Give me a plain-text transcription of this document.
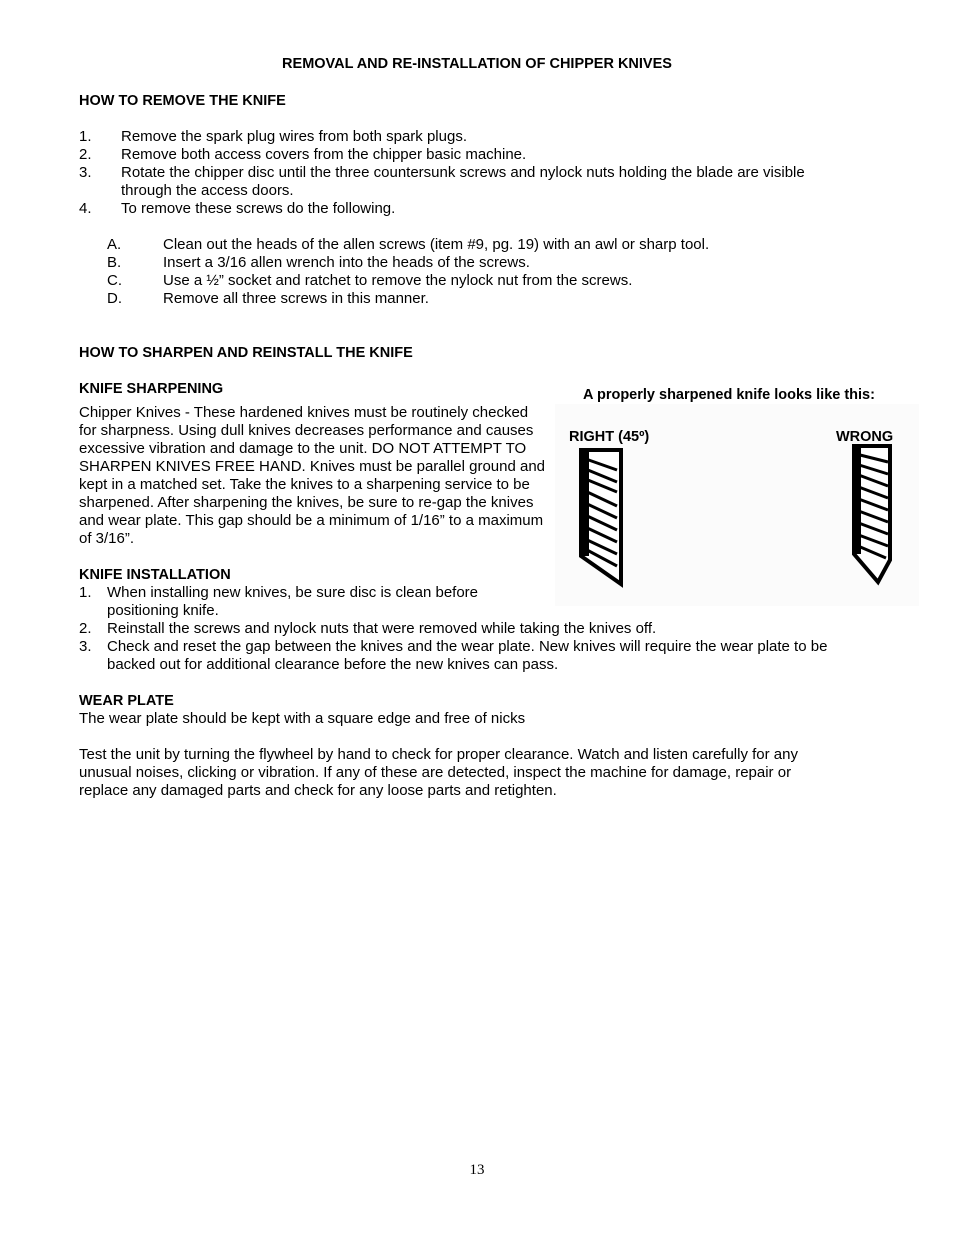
REMOVAL AND RE-INSTALLATION OF CHIPPER KNIVES
HOW TO REMOVE THE KNIFE
1.	Remove the spark plug wires from both spark plugs.
2.	Remove both access covers from the chipper basic machine.
3.	Rotate the chipper disc until the three countersunk screws and nylock nuts holding the blade are visible
through the access doors.
4.	To remove these screws do the following.
A.	Clean out the heads of the allen screws (item #9, pg. 19) with an awl or sharp tool.
B.	Insert a 3/16 allen wrench into the heads of the screws.
C.	Use a ½” socket and ratchet to remove the nylock nut from the screws.
D.	Remove all three screws in this manner.
HOW TO SHARPEN AND REINSTALL THE KNIFE
KNIFE SHARPENING
Chipper Knives - These hardened knives must be routinely checked for sharpness. Using dull knives decreases performance and causes excessive vibration and damage to the unit. DO NOT ATTEMPT TO SHARPEN KNIVES FREE HAND. Knives must be parallel ground and kept in a matched set. Take the knives to a sharpening service to be sharpened. After sharpening the knives, be sure to re-gap the knives and wear plate. This gap should be a minimum of 1/16” to a maximum of 3/16”.
A properly sharpened knife looks like this:
RIGHT (45º)	WRONG
KNIFE INSTALLATION
1.	When installing new knives, be sure disc is clean before
positioning knife.
2.	Reinstall the screws and nylock nuts that were removed while taking the knives off.
3.	Check and reset the gap between the knives and the wear plate. New knives will require the wear plate to be
backed out for additional clearance before the new knives can pass.
WEAR PLATE
The wear plate should be kept with a square edge and free of nicks
Test the unit by turning the flywheel by hand to check for proper clearance. Watch and listen carefully for any
unusual noises, clicking or vibration. If any of these are detected, inspect the machine for damage, repair or
replace any damaged parts and check for any loose parts and retighten.
13
